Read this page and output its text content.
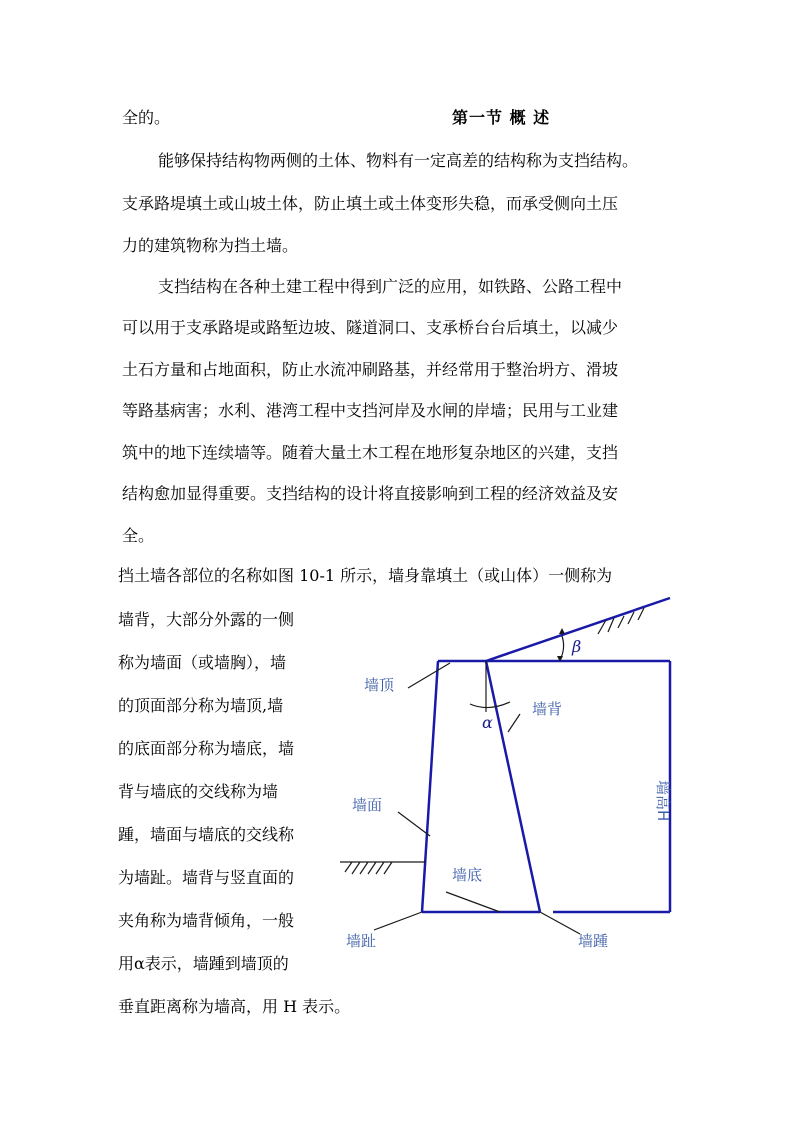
全的。	第一节 概 述
能够保持结构物两侧的土体、物料有一定高差的结构称为支挡结构。
支承路堤填土或山坡土体，防止填土或土体变形失稳，而承受侧向土压
力的建筑物称为挡土墙。
支挡结构在各种土建工程中得到广泛的应用，如铁路、公路工程中
可以用于支承路堤或路堑边坡、隧道洞口、支承桥台台后填土，以减少
土石方量和占地面积，防止水流冲刷路基，并经常用于整治坍方、滑坡
等路基病害；水利、港湾工程中支挡河岸及水闸的岸墙；民用与工业建
筑中的地下连续墙等。随着大量土木工程在地形复杂地区的兴建，支挡
结构愈加显得重要。支挡结构的设计将直接影响到工程的经济效益及安
全。
挡土墙各部位的名称如图 10-1 所示，墙身靠填土（或山体）一侧称为
墙背，大部分外露的一侧
称为墙面（或墙胸），墙
的顶面部分称为墙顶,墙
的底面部分称为墙底，墙
背与墙底的交线称为墙
踵，墙面与墙底的交线称
为墙趾。墙背与竖直面的
夹角称为墙背倾角，一般
用α表示，墙踵到墙顶的
垂直距离称为墙高，用 H 表示。
墙顶
墙背
墙面
墙底
墙趾	墙踵
墙高H
α
β
